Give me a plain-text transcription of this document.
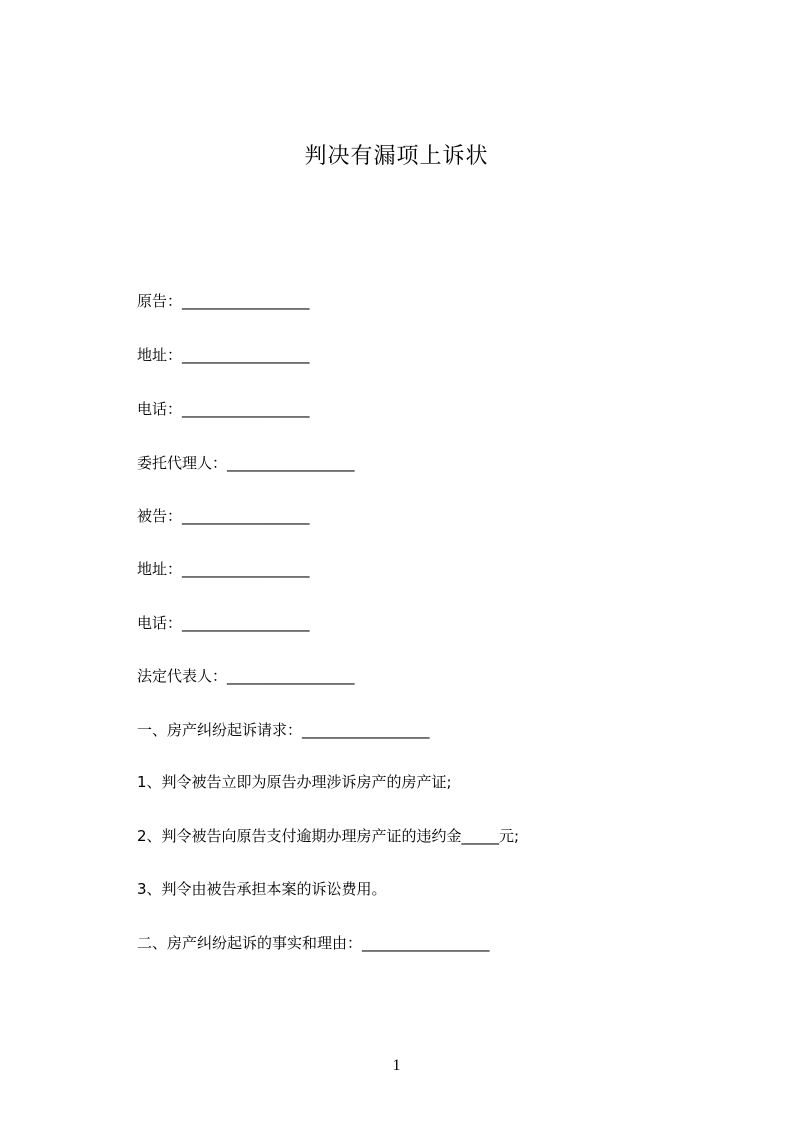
判决有漏项上诉状
原告：_________________
地址：_________________
电话：_________________
委托代理人：_________________
被告：_________________
地址：_________________
电话：_________________
法定代表人：_________________
一、房产纠纷起诉请求：_________________
1、判令被告立即为原告办理涉诉房产的房产证;
2、判令被告向原告支付逾期办理房产证的违约金_____元;
3、判令由被告承担本案的诉讼费用。
二、房产纠纷起诉的事实和理由：_________________
1
